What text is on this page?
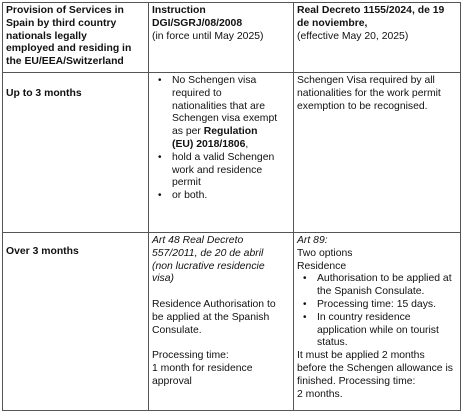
Provision of Services in
Spain by third country
nationals legally
employed and residing in
the EU/EEA/Switzerland
Instruction
DGI/SGRJ/08/2008
(in force until May 2025)
Real Decreto 1155/2024, de 19
de noviembre,
(effective May 20, 2025)
Up to 3 months
• No Schengen visa
required to
nationalities that are
Schengen visa exempt
as per Regulation
(EU) 2018/1806,
• hold a valid Schengen
work and residence
permit
• or both.
Schengen Visa required by all
nationalities for the work permit
exemption to be recognised.
Over 3 months
Art 48 Real Decreto
557/2011, de 20 de abril
(non lucrative residencie
visa)
Residence Authorisation to
be applied at the Spanish
Consulate.
Processing time:
1 month for residence
approval
Art 89:
Two options
Residence
• Authorisation to be applied at
the Spanish Consulate.
• Processing time: 15 days.
• In country residence
application while on tourist
status.
It must be applied 2 months
before the Schengen allowance is
finished. Processing time:
2 months.
